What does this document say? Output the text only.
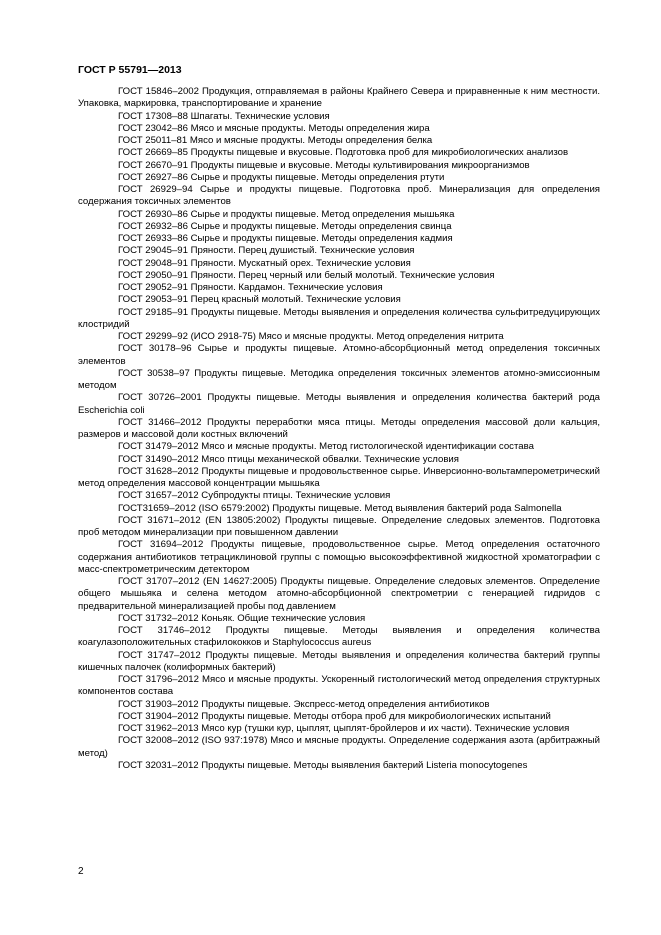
ГОСТ Р 55791—2013

ГОСТ 15846–2002 Продукция, отправляемая в районы Крайнего Севера и приравненные к ним местности. Упаковка, маркировка, транспортирование и хранение

ГОСТ 17308–88 Шпагаты. Технические условия

ГОСТ 23042–86 Мясо и мясные продукты. Методы определения жира

ГОСТ 25011–81 Мясо и мясные продукты. Методы определения белка

ГОСТ 26669–85 Продукты пищевые и вкусовые. Подготовка проб для микробиологических анализов

ГОСТ 26670–91 Продукты пищевые и вкусовые. Методы культивирования микроорганизмов

ГОСТ 26927–86 Сырье и продукты пищевые. Методы определения ртути

ГОСТ 26929–94 Сырье и продукты пищевые. Подготовка проб. Минерализация для определения содержания токсичных элементов

ГОСТ 26930–86 Сырье и продукты пищевые. Метод определения мышьяка

ГОСТ 26932–86 Сырье и продукты пищевые. Методы определения свинца

ГОСТ 26933–86 Сырье и продукты пищевые. Методы определения кадмия

ГОСТ 29045–91 Пряности. Перец душистый. Технические условия

ГОСТ 29048–91 Пряности. Мускатный орех. Технические условия

ГОСТ 29050–91 Пряности. Перец черный или белый молотый. Технические условия

ГОСТ 29052–91 Пряности. Кардамон. Технические условия

ГОСТ 29053–91 Перец красный молотый. Технические условия

ГОСТ 29185–91 Продукты пищевые. Методы выявления и определения количества сульфитредуцирующих клостридий

ГОСТ 29299–92 (ИСО 2918-75) Мясо и мясные продукты. Метод определения нитрита

ГОСТ 30178–96 Сырье и продукты пищевые. Атомно-абсорбционный метод определения токсичных элементов

ГОСТ 30538–97 Продукты пищевые. Методика определения токсичных элементов атомно-эмиссионным методом

ГОСТ 30726–2001 Продукты пищевые. Методы выявления и определения количества бактерий рода Escherichia coli

ГОСТ 31466–2012 Продукты переработки мяса птицы. Методы определения массовой доли кальция, размеров и массовой доли костных включений

ГОСТ 31479–2012 Мясо и мясные продукты. Метод гистологической идентификации состава

ГОСТ 31490–2012 Мясо птицы механической обвалки. Технические условия

ГОСТ 31628–2012 Продукты пищевые и продовольственное сырье. Инверсионно-вольтамперометрический метод определения массовой концентрации мышьяка

ГОСТ 31657–2012 Субпродукты птицы. Технические условия

ГОСТ31659–2012 (ISO 6579:2002) Продукты пищевые. Метод выявления бактерий рода Salmonella

ГОСТ 31671–2012 (EN 13805:2002) Продукты пищевые. Определение следовых элементов. Подготовка проб методом минерализации при повышенном давлении

ГОСТ 31694–2012 Продукты пищевые, продовольственное сырье. Метод определения остаточного содержания антибиотиков тетрациклиновой группы с помощью высокоэффективной жидкостной хроматографии с масс-спектрометрическим детектором

ГОСТ 31707–2012 (EN 14627:2005) Продукты пищевые. Определение следовых элементов. Определение общего мышьяка и селена методом атомно-абсорбционной спектрометрии с генерацией гидридов с предварительной минерализацией пробы под давлением

ГОСТ 31732–2012 Коньяк. Общие технические условия

ГОСТ 31746–2012 Продукты пищевые. Методы выявления и определения количества коагулазоположительных стафилококков и Staphylococcus aureus

ГОСТ 31747–2012 Продукты пищевые. Методы выявления и определения количества бактерий группы кишечных палочек (колиформных бактерий)

ГОСТ 31796–2012 Мясо и мясные продукты. Ускоренный гистологический метод определения структурных компонентов состава

ГОСТ 31903–2012 Продукты пищевые. Экспресс-метод определения антибиотиков

ГОСТ 31904–2012 Продукты пищевые. Методы отбора проб для микробиологических испытаний

ГОСТ 31962–2013 Мясо кур (тушки кур, цыплят, цыплят-бройлеров и их части). Технические условия

ГОСТ 32008–2012 (ISO 937:1978) Мясо и мясные продукты. Определение содержания азота (арбитражный метод)

ГОСТ 32031–2012 Продукты пищевые. Методы выявления бактерий Listeria monocytogenes

2
